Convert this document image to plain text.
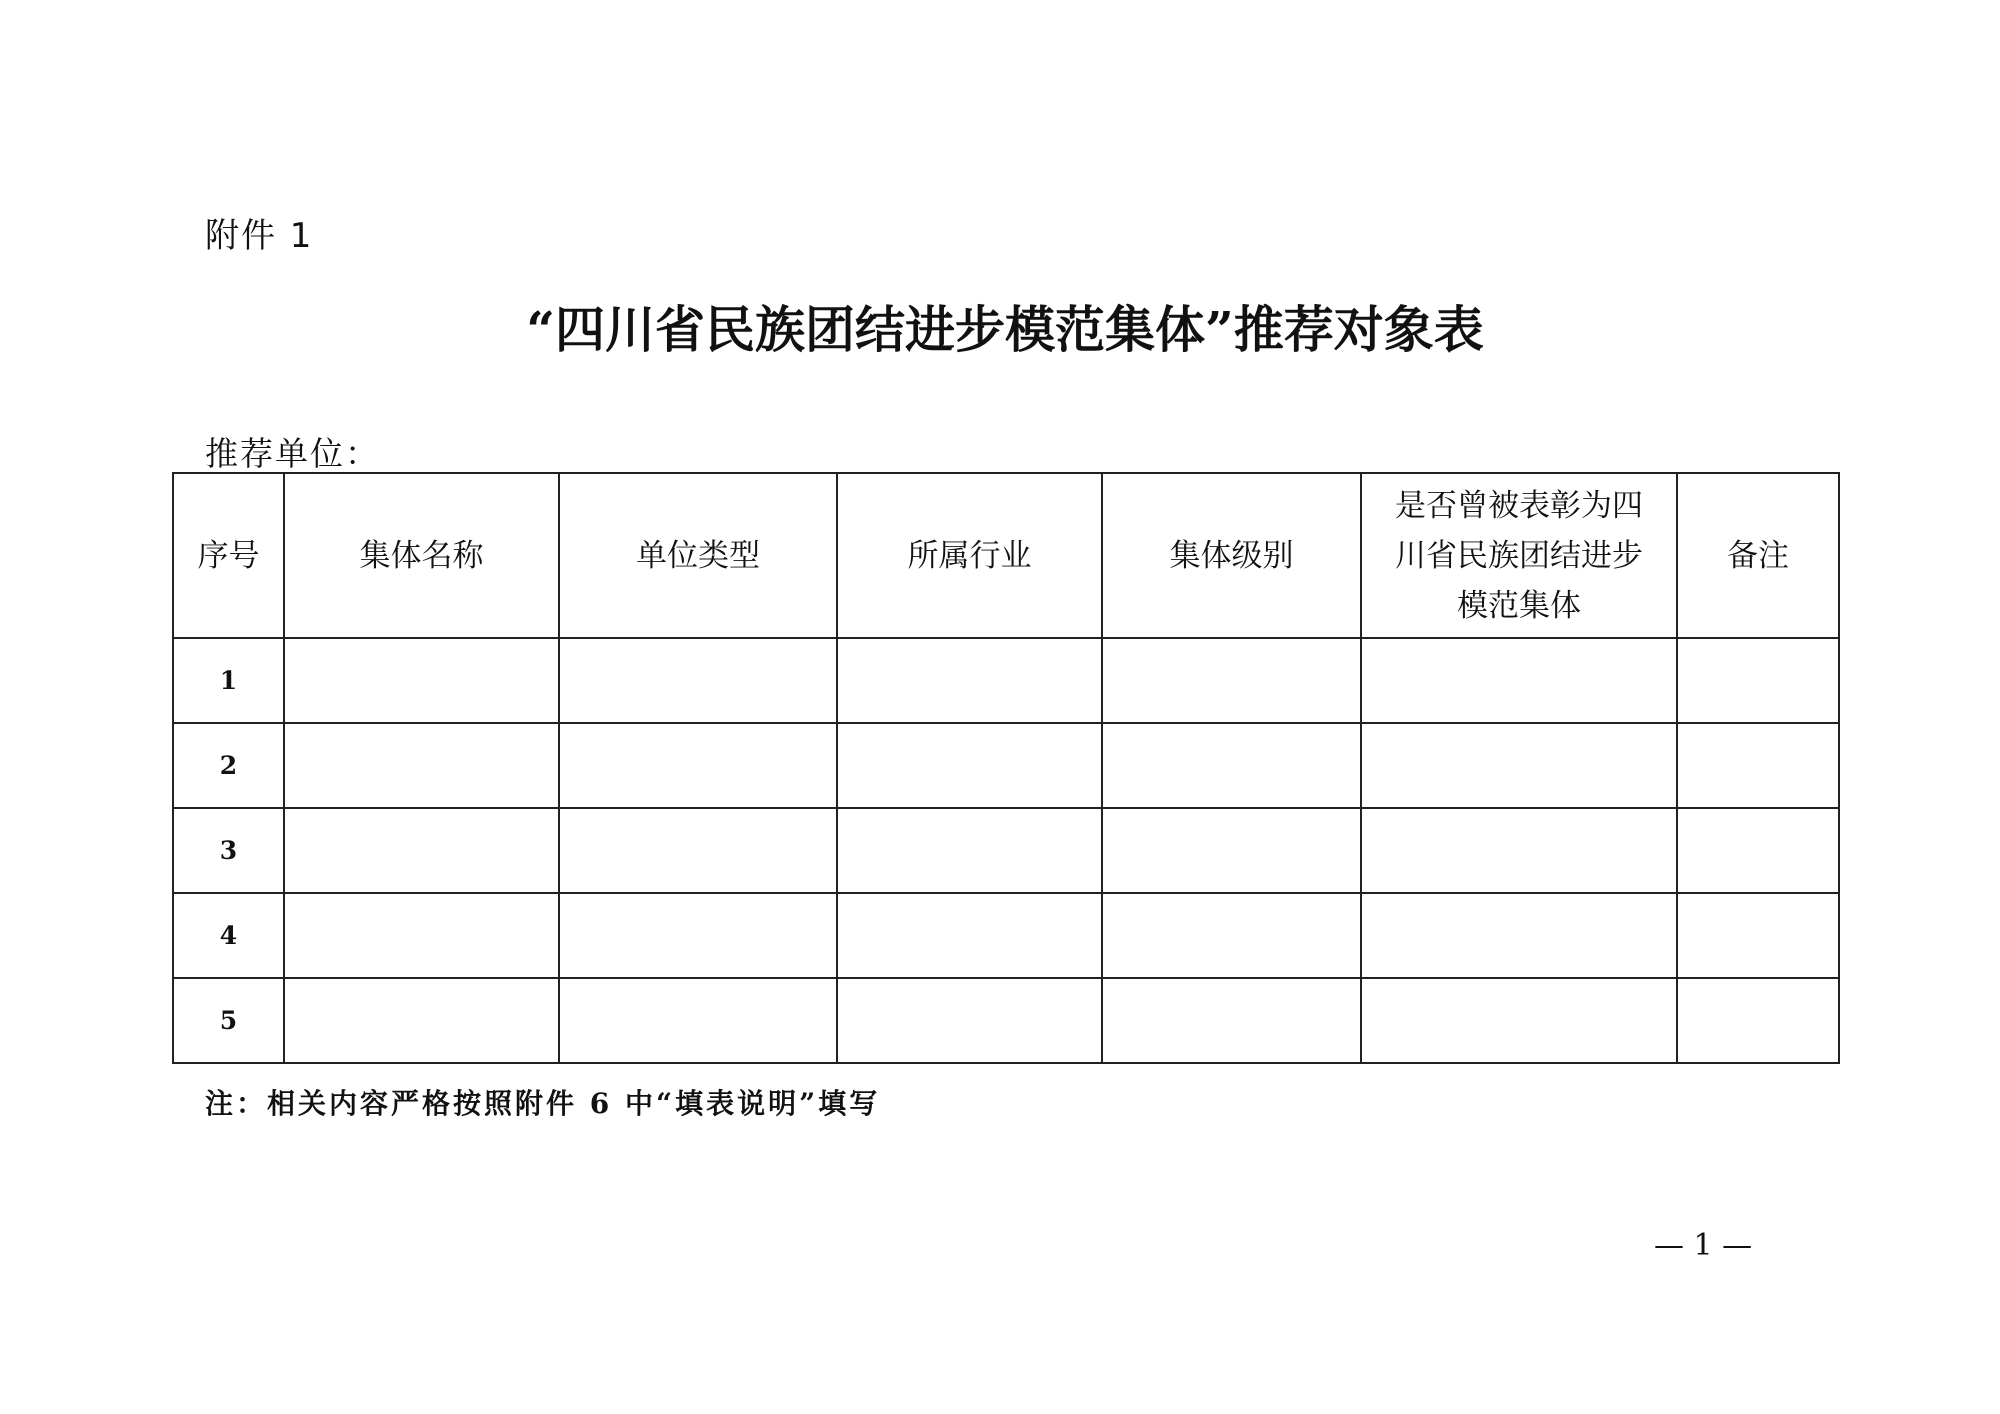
附件 1
“四川省民族团结进步模范集体”推荐对象表
推荐单位：
序号	集体名称	单位类型	所属行业	集体级别	是否曾被表彰为四
川省民族团结进步
模范集体	备注
1						
2						
3						
4						
5						
注：相关内容严格按照附件 6 中“填表说明”填写
— 1 —
